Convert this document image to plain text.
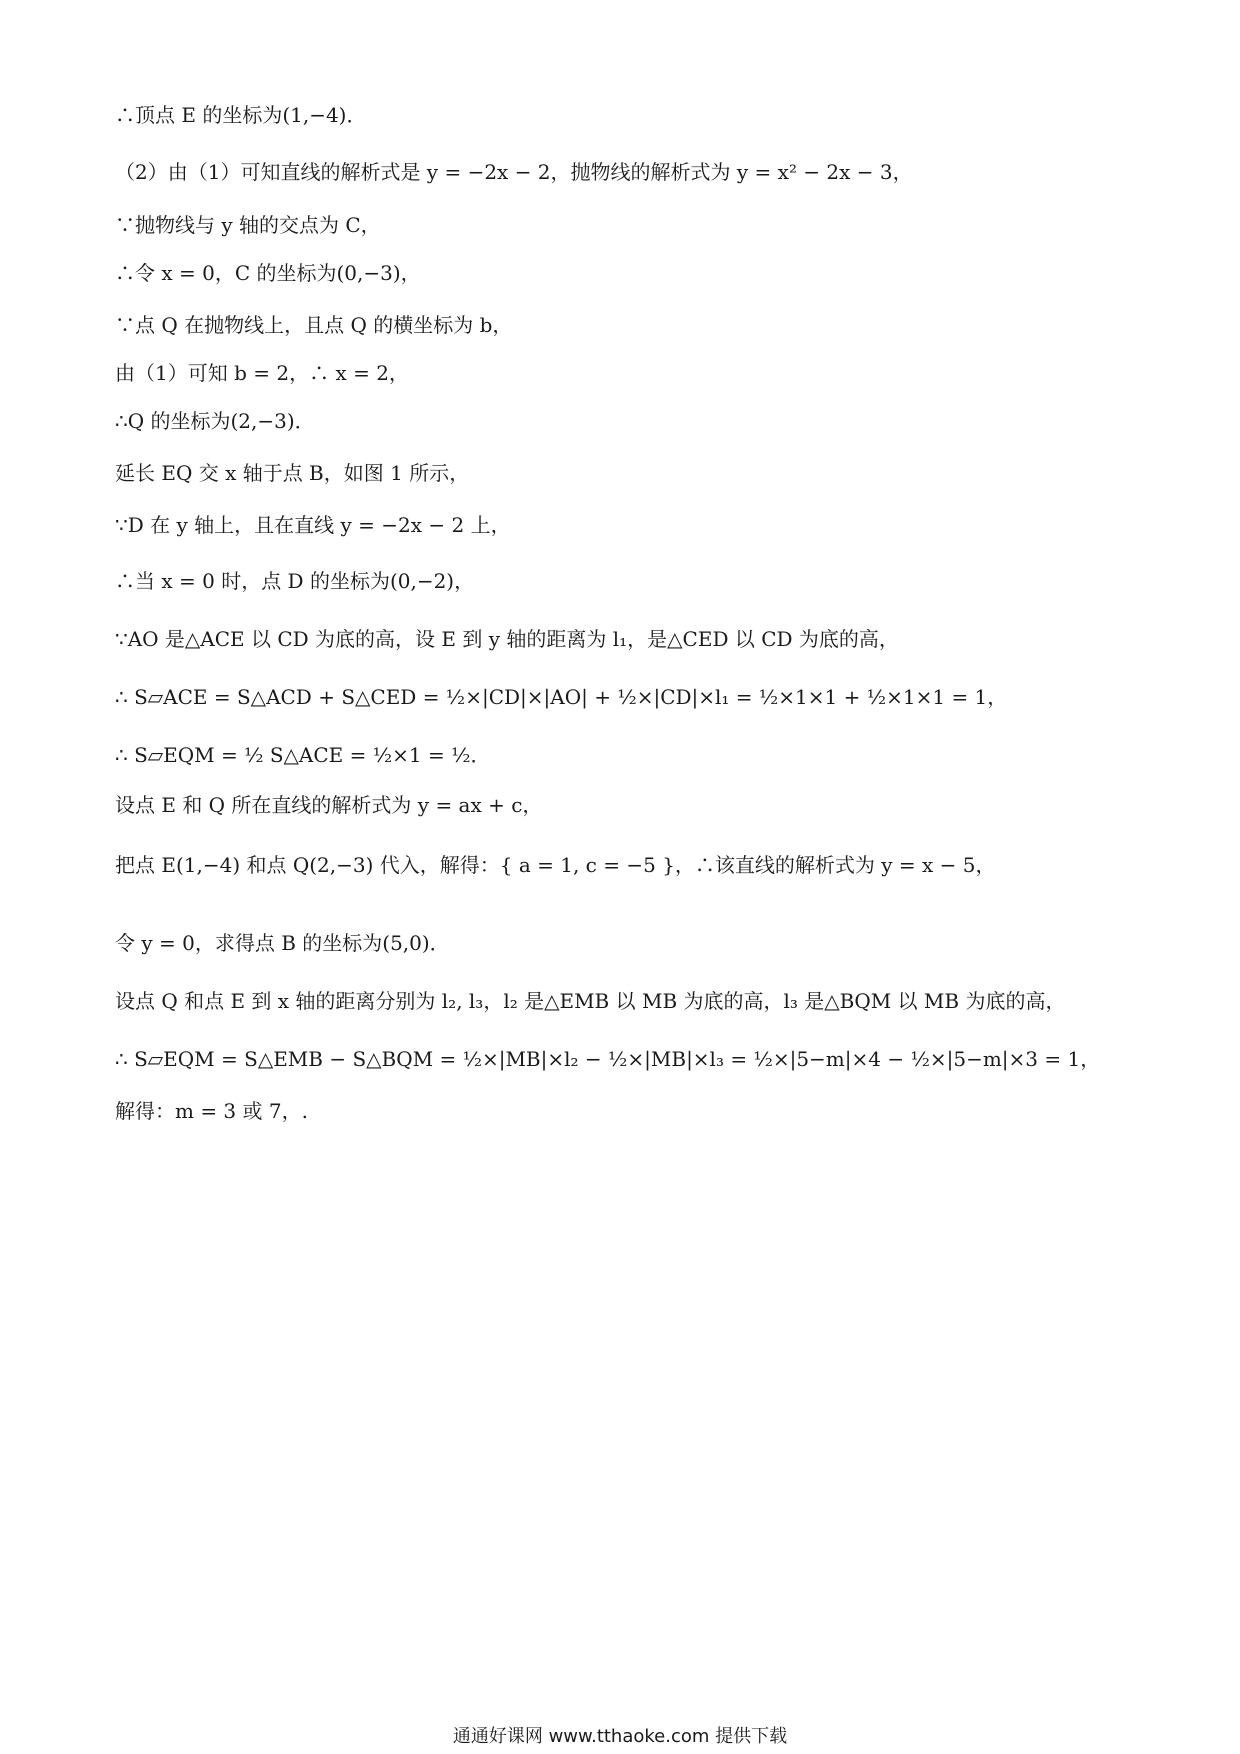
∴顶点 E 的坐标为(1,−4)．
（2）由（1）可知直线的解析式是 y = −2x − 2，抛物线的解析式为 y = x² − 2x − 3，
∵抛物线与 y 轴的交点为 C，
∴令 x = 0，C 的坐标为(0,−3)，
∵点 Q 在抛物线上，且点 Q 的横坐标为 b，
由（1）可知 b = 2，∴ x = 2，
∴Q 的坐标为(2,−3)．
延长 EQ 交 x 轴于点 B，如图 1 所示，
∵D 在 y 轴上，且在直线 y = −2x − 2 上，
∴当 x = 0 时，点 D 的坐标为(0,−2)，
∵AO 是△ACE 以 CD 为底的高，设 E 到 y 轴的距离为 l₁，是△CED 以 CD 为底的高，
∴ S▱ACE = S△ACD + S△CED = ½×|CD|×|AO| + ½×|CD|×l₁ = ½×1×1 + ½×1×1 = 1，
∴ S▱EQM = ½ S△ACE = ½×1 = ½．
设点 E 和 Q 所在直线的解析式为 y = ax + c，
把点 E(1,−4) 和点 Q(2,−3) 代入，解得：{ a = 1, c = −5 }，∴该直线的解析式为 y = x − 5，
令 y = 0，求得点 B 的坐标为(5,0)．
设点 Q 和点 E 到 x 轴的距离分别为 l₂, l₃，l₂ 是△EMB 以 MB 为底的高，l₃ 是△BQM 以 MB 为底的高，
∴ S▱EQM = S△EMB − S△BQM = ½×|MB|×l₂ − ½×|MB|×l₃ = ½×|5−m|×4 − ½×|5−m|×3 = 1，
解得：m = 3 或 7，.
通通好课网 www.tthaoke.com 提供下载
